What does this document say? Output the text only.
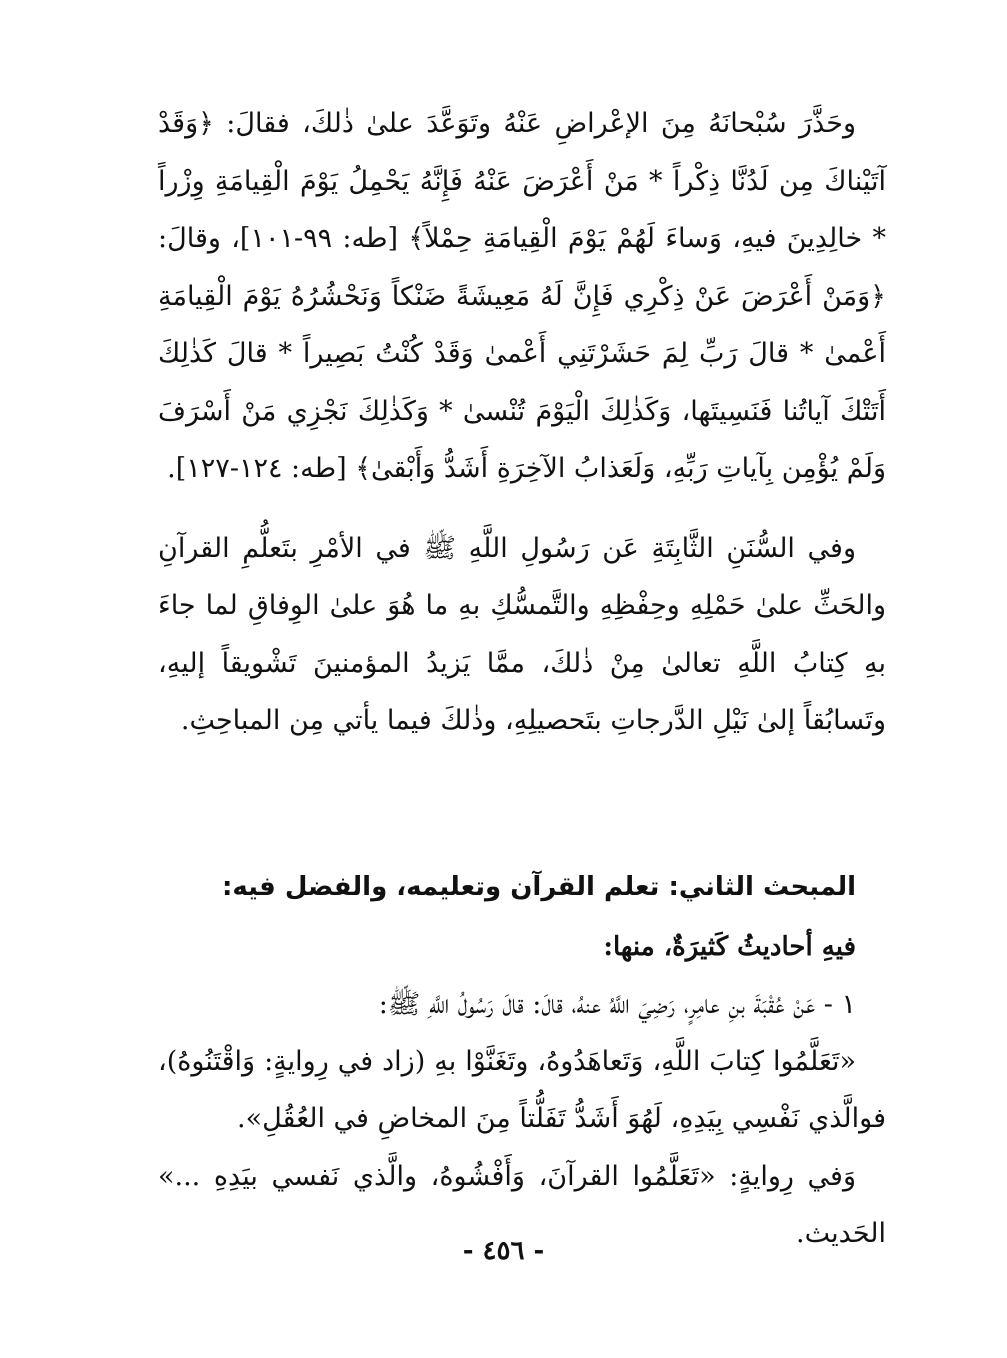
وحَذَّرَ سُبْحانَهُ مِنَ الإعْراضِ عَنْهُ وتَوَعَّدَ علىٰ ذٰلكَ، فقالَ: ﴿وَقَدْ آتَيْناكَ مِن لَدُنَّا ذِكْراً * مَنْ أَعْرَضَ عَنْهُ فَإِنَّهُ يَحْمِلُ يَوْمَ الْقِيامَةِ وِزْراً * خالِدِينَ فيهِ، وَساءَ لَهُمْ يَوْمَ الْقِيامَةِ حِمْلاً﴾ [طه: ٩٩-١٠١]، وقالَ: ﴿وَمَنْ أَعْرَضَ عَنْ ذِكْرِي فَإِنَّ لَهُ مَعِيشَةً ضَنْكاً وَنَحْشُرُهُ يَوْمَ الْقِيامَةِ أَعْمىٰ * قالَ رَبِّ لِمَ حَشَرْتَنِي أَعْمىٰ وَقَدْ كُنْتُ بَصِيراً * قالَ كَذٰلِكَ أَتَتْكَ آياتُنا فَنَسِيتَها، وَكَذٰلِكَ الْيَوْمَ تُنْسىٰ * وَكَذٰلِكَ نَجْزِي مَنْ أَسْرَفَ وَلَمْ يُؤْمِن بِآياتِ رَبِّهِ، وَلَعَذابُ الآخِرَةِ أَشَدُّ وَأَبْقىٰ﴾ [طه: ١٢٤-١٢٧].

وفي السُّنَنِ الثَّابِتَةِ عَن رَسُولِ اللَّهِ ﷺ في الأمْرِ بتَعلُّمِ القرآنِ والحَثِّ علىٰ حَمْلِهِ وحِفْظِهِ والتَّمسُّكِ بهِ ما هُوَ علىٰ الوِفاقِ لما جاءَ بهِ كِتابُ اللَّهِ تعالىٰ مِنْ ذٰلكَ، ممَّا يَزيدُ المؤمنينَ تَشْويقاً إليهِ، وتَسابُقاً إلىٰ نَيْلِ الدَّرجاتِ بتَحصيلِهِ، وذٰلكَ فيما يأتي مِن المباحِثِ.

المبحث الثاني: تعلم القرآن وتعليمه، والفضل فيه:

فيهِ أحاديثُ كَثيرَةٌ، منها:

١ - عَنْ عُقْبَةَ بنِ عامِرٍ، رَضِيَ اللَّهُ عنهُ، قالَ: قالَ رَسُولُ اللَّهِ ﷺ:

«تَعَلَّمُوا كِتابَ اللَّهِ، وَتَعاهَدُوهُ، وتَغَنَّوْا بهِ (زاد في رِوايةٍ: وَاقْتَنُوهُ)، فوالَّذي نَفْسِي بِيَدِهِ، لَهُوَ أَشَدُّ تَفَلُّتاً مِنَ المخاضِ في العُقُلِ».

وَفي رِوايةٍ: «تَعَلَّمُوا القرآنَ، وَأَفْشُوهُ، والَّذي نَفسي بيَدِهِ ...» الحَديث.

- ٤٥٦ -
